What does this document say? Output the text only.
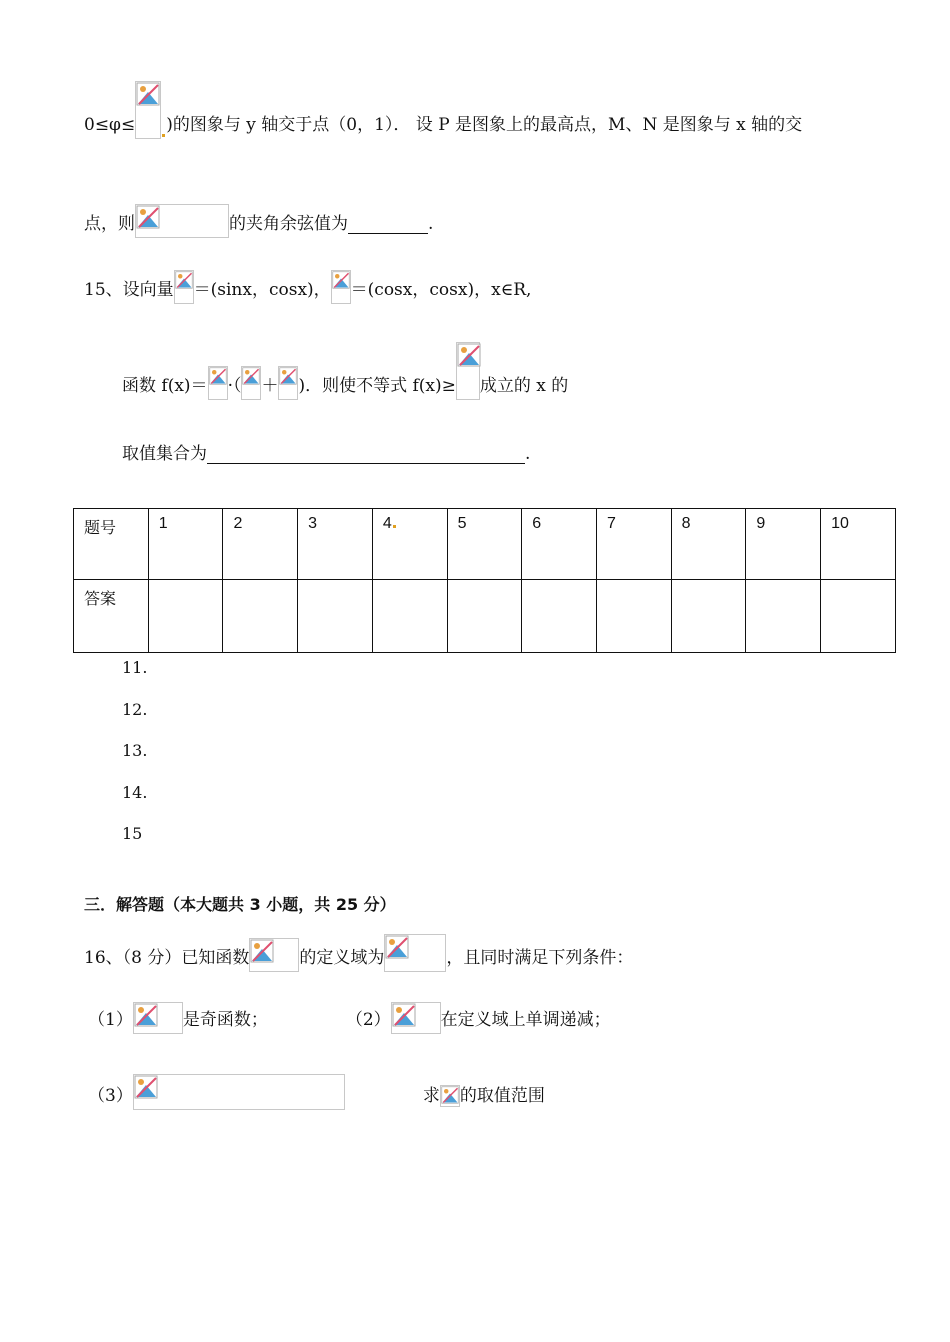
0≤φ≤ ) 的图象与 y 轴交于点（0，1）． 设 P 是图象上的最高点，M、N 是图象与 x 轴的交
点，则	的夹角余弦值为	.
15、设向量 ＝(sinx，cosx)， ＝(cosx，cosx)，x∈R,
函数 f(x)＝ ·（ ＋ )．则使不等式 f(x)≥ 成立的 x 的
取值集合为	.
题号	1	2	3	4	5	6	7	8	9	10
答案										
11.
12.
13.
14.
15
三．解答题（本大题共 3 小题，共 25 分）
16、（8 分）已知函数	的定义域为	，且同时满足下列条件：
（1）	是奇函数；	（2）	在定义域上单调递减；
（3）	求 的取值范围
